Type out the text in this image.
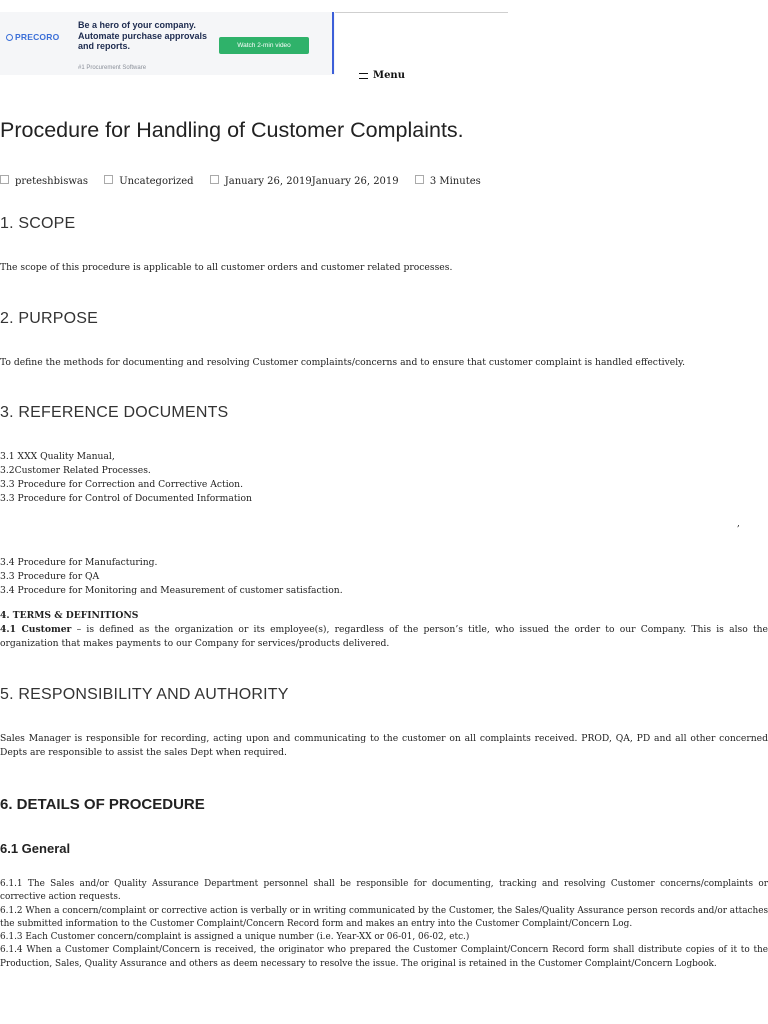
PRECORO
Be a hero of your company. Automate purchase approvals and reports.
#1 Procurement Software
Watch 2-min video
Menu
Procedure for Handling of Customer Complaints.
preteshbiswas	Uncategorized	January 26, 2019January 26, 2019	3 Minutes
1. SCOPE

The scope of this procedure is applicable to all customer orders and customer related processes.

2. PURPOSE

To define the methods for documenting and resolving Customer complaints/concerns and to ensure that customer complaint is handled effectively.

3. REFERENCE DOCUMENTS
3.1 XXX Quality Manual,
3.2Customer Related Processes.
3.3 Procedure for Correction and Corrective Action.
3.3 Procedure for Control of Documented Information
,
3.4 Procedure for Manufacturing.
3.3 Procedure for QA
3.4 Procedure for Monitoring and Measurement of customer satisfaction.
4. TERMS & DEFINITIONS

4.1 Customer – is defined as the organization or its employee(s), regardless of the person’s title, who issued the order to our Company. This is also the organization that makes payments to our Company for services/products delivered.

5. RESPONSIBILITY AND AUTHORITY

Sales Manager is responsible for recording, acting upon and communicating to the customer on all complaints received. PROD, QA, PD and all other concerned Depts are responsible to assist the sales Dept when required.

6. DETAILS OF PROCEDURE
6.1 General
6.1.1 The Sales and/or Quality Assurance Department personnel shall be responsible for documenting, tracking and resolving Customer concerns/complaints or corrective action requests.
6.1.2 When a concern/complaint or corrective action is verbally or in writing communicated by the Customer, the Sales/Quality Assurance person records and/or attaches the submitted information to the Customer Complaint/Concern Record form and makes an entry into the Customer Complaint/Concern Log.
6.1.3 Each Customer concern/complaint is assigned a unique number (i.e. Year-XX or 06-01, 06-02, etc.)
6.1.4 When a Customer Complaint/Concern is received, the originator who prepared the Customer Complaint/Concern Record form shall distribute copies of it to the Production, Sales, Quality Assurance and others as deem necessary to resolve the issue. The original is retained in the Customer Complaint/Concern Logbook.
